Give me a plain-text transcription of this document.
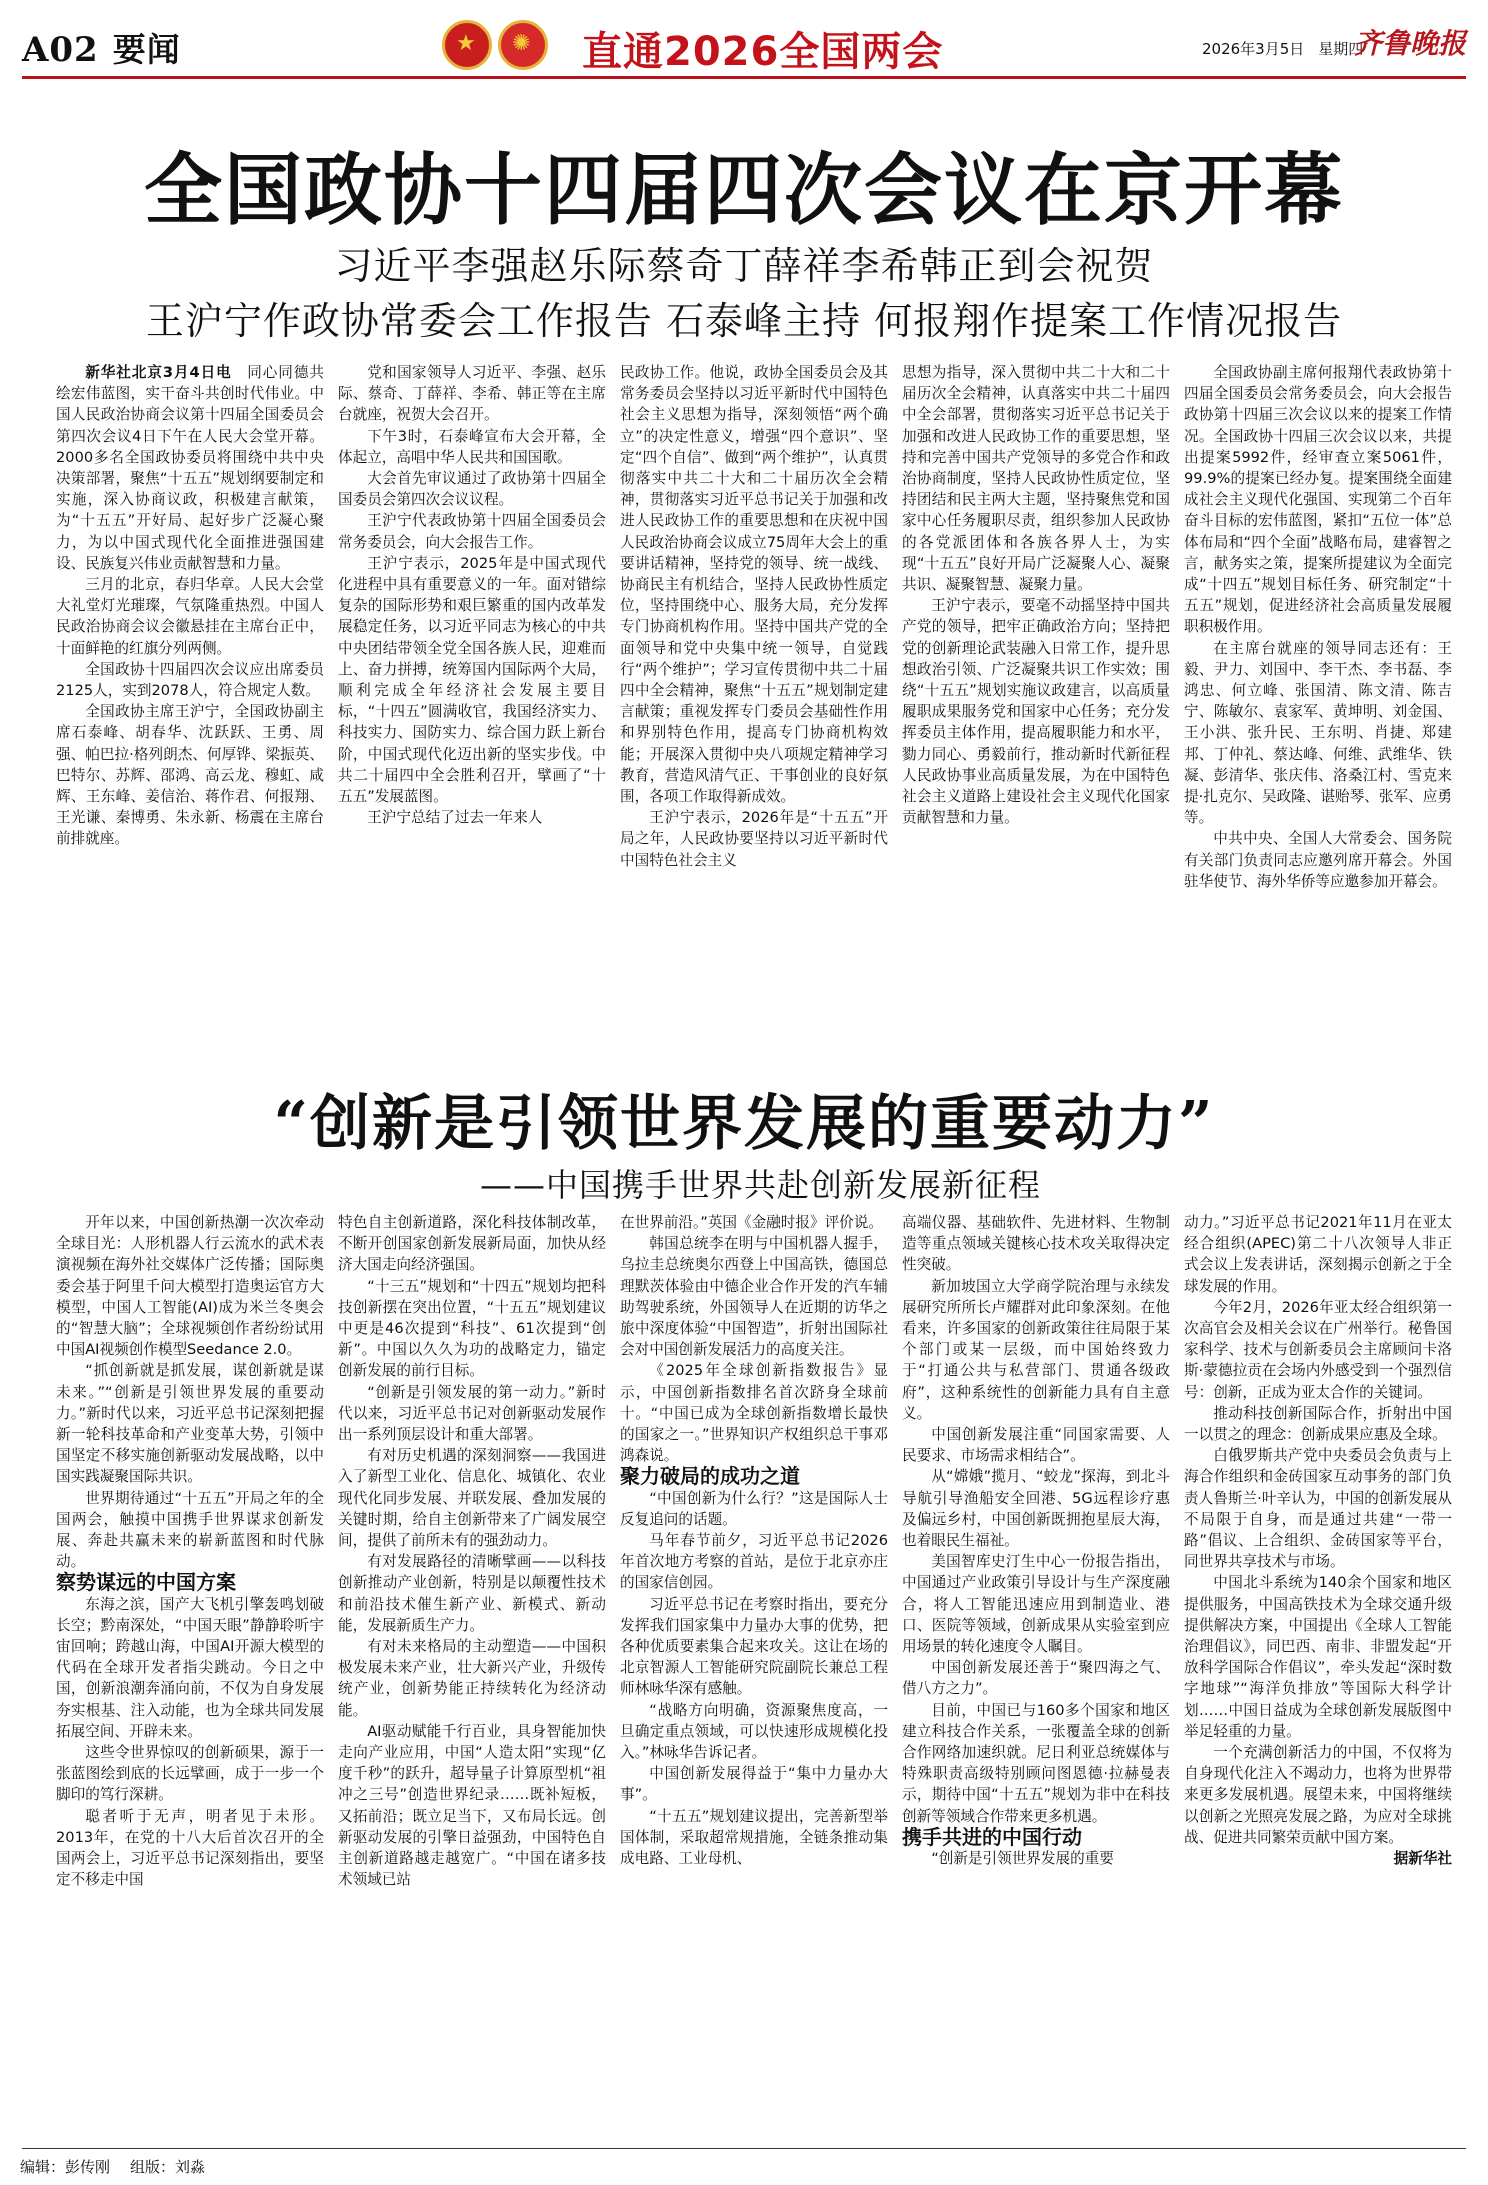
A02 要闻 ★ ✺	直通2026全国两会	2026年3月5日 星期四
齐鲁晚报
全国政协十四届四次会议在京开幕
习近平李强赵乐际蔡奇丁薛祥李希韩正到会祝贺
王沪宁作政协常委会工作报告 石泰峰主持 何报翔作提案工作情况报告

新华社北京3月4日电　 同心同德共绘宏伟蓝图，实干奋斗共创时代伟业。中国人民政治协商会议第十四届全国委员会第四次会议4日下午在人民大会堂开幕。2000多名全国政协委员将围绕中共中央决策部署，聚焦“十五五”规划纲要制定和实施，深入协商议政，积极建言献策，为“十五五”开好局、起好步广泛凝心聚力，为以中国式现代化全面推进强国建设、民族复兴伟业贡献智慧和力量。

三月的北京，春归华章。人民大会堂大礼堂灯光璀璨，气氛隆重热烈。中国人民政治协商会议会徽悬挂在主席台正中，十面鲜艳的红旗分列两侧。

全国政协十四届四次会议应出席委员2125人，实到2078人，符合规定人数。

全国政协主席王沪宁，全国政协副主席石泰峰、胡春华、沈跃跃、王勇、周强、帕巴拉·格列朗杰、何厚铧、梁振英、巴特尔、苏辉、邵鸿、高云龙、穆虹、咸辉、王东峰、姜信治、蒋作君、何报翔、王光谦、秦博勇、朱永新、杨震在主席台前排就座。

党和国家领导人习近平、李强、赵乐际、蔡奇、丁薛祥、李希、韩正等在主席台就座，祝贺大会召开。

下午3时，石泰峰宣布大会开幕，全体起立，高唱中华人民共和国国歌。

大会首先审议通过了政协第十四届全国委员会第四次会议议程。

王沪宁代表政协第十四届全国委员会常务委员会，向大会报告工作。

王沪宁表示，2025年是中国式现代化进程中具有重要意义的一年。面对错综复杂的国际形势和艰巨繁重的国内改革发展稳定任务，以习近平同志为核心的中共中央团结带领全党全国各族人民，迎难而上、奋力拼搏，统筹国内国际两个大局，顺利完成全年经济社会发展主要目标，“十四五”圆满收官，我国经济实力、科技实力、国防实力、综合国力跃上新台阶，中国式现代化迈出新的坚实步伐。中共二十届四中全会胜利召开，擘画了“十五五”发展蓝图。

王沪宁总结了过去一年来人

民政协工作。他说，政协全国委员会及其常务委员会坚持以习近平新时代中国特色社会主义思想为指导，深刻领悟“两个确立”的决定性意义，增强“四个意识”、坚定“四个自信”、做到“两个维护”，认真贯彻落实中共二十大和二十届历次全会精神，贯彻落实习近平总书记关于加强和改进人民政协工作的重要思想和在庆祝中国人民政治协商会议成立75周年大会上的重要讲话精神，坚持党的领导、统一战线、协商民主有机结合，坚持人民政协性质定位，坚持围绕中心、服务大局，充分发挥专门协商机构作用。坚持中国共产党的全面领导和党中央集中统一领导，自觉践行“两个维护”；学习宣传贯彻中共二十届四中全会精神，聚焦“十五五”规划制定建言献策；重视发挥专门委员会基础性作用和界别特色作用，提高专门协商机构效能；开展深入贯彻中央八项规定精神学习教育，营造风清气正、干事创业的良好氛围，各项工作取得新成效。

王沪宁表示，2026年是“十五五”开局之年，人民政协要坚持以习近平新时代中国特色社会主义

思想为指导，深入贯彻中共二十大和二十届历次全会精神，认真落实中共二十届四中全会部署，贯彻落实习近平总书记关于加强和改进人民政协工作的重要思想，坚持和完善中国共产党领导的多党合作和政治协商制度，坚持人民政协性质定位，坚持团结和民主两大主题，坚持聚焦党和国家中心任务履职尽责，组织参加人民政协的各党派团体和各族各界人士，为实现“十五五”良好开局广泛凝聚人心、凝聚共识、凝聚智慧、凝聚力量。

王沪宁表示，要毫不动摇坚持中国共产党的领导，把牢正确政治方向；坚持把党的创新理论武装融入日常工作，提升思想政治引领、广泛凝聚共识工作实效；围绕“十五五”规划实施议政建言，以高质量履职成果服务党和国家中心任务；充分发挥委员主体作用，提高履职能力和水平，勠力同心、勇毅前行，推动新时代新征程人民政协事业高质量发展，为在中国特色社会主义道路上建设社会主义现代化国家贡献智慧和力量。

全国政协副主席何报翔代表政协第十四届全国委员会常务委员会，向大会报告政协第十四届三次会议以来的提案工作情况。全国政协十四届三次会议以来，共提出提案5992件，经审查立案5061件，99.9%的提案已经办复。提案围绕全面建成社会主义现代化强国、实现第二个百年奋斗目标的宏伟蓝图，紧扣“五位一体”总体布局和“四个全面”战略布局，建睿智之言，献务实之策，提案所提建议为全面完成“十四五”规划目标任务、研究制定“十五五”规划，促进经济社会高质量发展履职积极作用。

在主席台就座的领导同志还有：王毅、尹力、刘国中、李干杰、李书磊、李鸿忠、何立峰、张国清、陈文清、陈吉宁、陈敏尔、袁家军、黄坤明、刘金国、王小洪、张升民、王东明、肖捷、郑建邦、丁仲礼、蔡达峰、何维、武维华、铁凝、彭清华、张庆伟、洛桑江村、雪克来提·扎克尔、吴政隆、谌贻琴、张军、应勇等。

中共中央、全国人大常委会、国务院有关部门负责同志应邀列席开幕会。外国驻华使节、海外华侨等应邀参加开幕会。

“创新是引领世界发展的重要动力”
——中国携手世界共赴创新发展新征程

开年以来，中国创新热潮一次次牵动全球目光：人形机器人行云流水的武术表演视频在海外社交媒体广泛传播；国际奥委会基于阿里千问大模型打造奥运官方大模型，中国人工智能(AI)成为米兰冬奥会的“智慧大脑”；全球视频创作者纷纷试用中国AI视频创作模型Seedance 2.0。

“抓创新就是抓发展，谋创新就是谋未来。”“创新是引领世界发展的重要动力。”新时代以来，习近平总书记深刻把握新一轮科技革命和产业变革大势，引领中国坚定不移实施创新驱动发展战略，以中国实践凝聚国际共识。

世界期待通过“十五五”开局之年的全国两会，触摸中国携手世界谋求创新发展、奔赴共赢未来的崭新蓝图和时代脉动。

察势谋远的中国方案

东海之滨，国产大飞机引擎轰鸣划破长空；黔南深处，“中国天眼”静静聆听宇宙回响；跨越山海，中国AI开源大模型的代码在全球开发者指尖跳动。今日之中国，创新浪潮奔涌向前，不仅为自身发展夯实根基、注入动能，也为全球共同发展拓展空间、开辟未来。

这些令世界惊叹的创新硕果，源于一张蓝图绘到底的长远擘画，成于一步一个脚印的笃行深耕。

聪者听于无声，明者见于未形。2013年，在党的十八大后首次召开的全国两会上，习近平总书记深刻指出，要坚定不移走中国

特色自主创新道路，深化科技体制改革，不断开创国家创新发展新局面，加快从经济大国走向经济强国。

“十三五”规划和“十四五”规划均把科技创新摆在突出位置，“十五五”规划建议中更是46次提到“科技”、61次提到“创新”。中国以久久为功的战略定力，锚定创新发展的前行目标。

“创新是引领发展的第一动力。”新时代以来，习近平总书记对创新驱动发展作出一系列顶层设计和重大部署。

有对历史机遇的深刻洞察——我国进入了新型工业化、信息化、城镇化、农业现代化同步发展、并联发展、叠加发展的关键时期，给自主创新带来了广阔发展空间，提供了前所未有的强劲动力。

有对发展路径的清晰擘画——以科技创新推动产业创新，特别是以颠覆性技术和前沿技术催生新产业、新模式、新动能，发展新质生产力。

有对未来格局的主动塑造——中国积极发展未来产业，壮大新兴产业，升级传统产业，创新势能正持续转化为经济动能。

AI驱动赋能千行百业，具身智能加快走向产业应用，中国“人造太阳”实现“亿度千秒”的跃升，超导量子计算原型机“祖冲之三号”创造世界纪录……既补短板，又拓前沿；既立足当下，又布局长远。创新驱动发展的引擎日益强劲，中国特色自主创新道路越走越宽广。“中国在诸多技术领域已站

在世界前沿。”英国《金融时报》评价说。

韩国总统李在明与中国机器人握手，乌拉圭总统奥尔西登上中国高铁，德国总理默茨体验由中德企业合作开发的汽车辅助驾驶系统，外国领导人在近期的访华之旅中深度体验“中国智造”，折射出国际社会对中国创新发展活力的高度关注。

《2025年全球创新指数报告》显示，中国创新指数排名首次跻身全球前十。“中国已成为全球创新指数增长最快的国家之一。”世界知识产权组织总干事邓鸿森说。

聚力破局的成功之道

“中国创新为什么行？”这是国际人士反复追问的话题。

马年春节前夕，习近平总书记2026年首次地方考察的首站，是位于北京亦庄的国家信创园。

习近平总书记在考察时指出，要充分发挥我们国家集中力量办大事的优势，把各种优质要素集合起来攻关。这让在场的北京智源人工智能研究院副院长兼总工程师林咏华深有感触。

“战略方向明确，资源聚焦度高，一旦确定重点领域，可以快速形成规模化投入。”林咏华告诉记者。

中国创新发展得益于“集中力量办大事”。

“十五五”规划建议提出，完善新型举国体制，采取超常规措施，全链条推动集成电路、工业母机、

高端仪器、基础软件、先进材料、生物制造等重点领域关键核心技术攻关取得决定性突破。

新加坡国立大学商学院治理与永续发展研究所所长卢耀群对此印象深刻。在他看来，许多国家的创新政策往往局限于某个部门或某一层级，而中国始终致力于“打通公共与私营部门、贯通各级政府”，这种系统性的创新能力具有自主意义。

中国创新发展注重“同国家需要、人民要求、市场需求相结合”。

从“嫦娥”揽月、“蛟龙”探海，到北斗导航引导渔船安全回港、5G远程诊疗惠及偏远乡村，中国创新既拥抱星辰大海，也着眼民生福祉。

美国智库史汀生中心一份报告指出，中国通过产业政策引导设计与生产深度融合，将人工智能迅速应用到制造业、港口、医院等领域，创新成果从实验室到应用场景的转化速度令人瞩目。

中国创新发展还善于“聚四海之气、借八方之力”。

目前，中国已与160多个国家和地区建立科技合作关系，一张覆盖全球的创新合作网络加速织就。尼日利亚总统媒体与特殊职责高级特别顾问图恩德·拉赫曼表示，期待中国“十五五”规划为非中在科技创新等领域合作带来更多机遇。

携手共进的中国行动

“创新是引领世界发展的重要

动力。”习近平总书记2021年11月在亚太经合组织(APEC)第二十八次领导人非正式会议上发表讲话，深刻揭示创新之于全球发展的作用。

今年2月，2026年亚太经合组织第一次高官会及相关会议在广州举行。秘鲁国家科学、技术与创新委员会主席顾问卡洛斯·蒙德拉贡在会场内外感受到一个强烈信号：创新，正成为亚太合作的关键词。

推动科技创新国际合作，折射出中国一以贯之的理念：创新成果应惠及全球。

白俄罗斯共产党中央委员会负责与上海合作组织和金砖国家互动事务的部门负责人鲁斯兰·叶辛认为，中国的创新发展从不局限于自身，而是通过共建“一带一路”倡议、上合组织、金砖国家等平台，同世界共享技术与市场。

中国北斗系统为140余个国家和地区提供服务，中国高铁技术为全球交通升级提供解决方案，中国提出《全球人工智能治理倡议》，同巴西、南非、非盟发起“开放科学国际合作倡议”，牵头发起“深时数字地球”“海洋负排放”等国际大科学计划……中国日益成为全球创新发展版图中举足轻重的力量。

一个充满创新活力的中国，不仅将为自身现代化注入不竭动力，也将为世界带来更多发展机遇。展望未来，中国将继续以创新之光照亮发展之路，为应对全球挑战、促进共同繁荣贡献中国方案。

据新华社

编辑：彭传刚 组版：刘淼
